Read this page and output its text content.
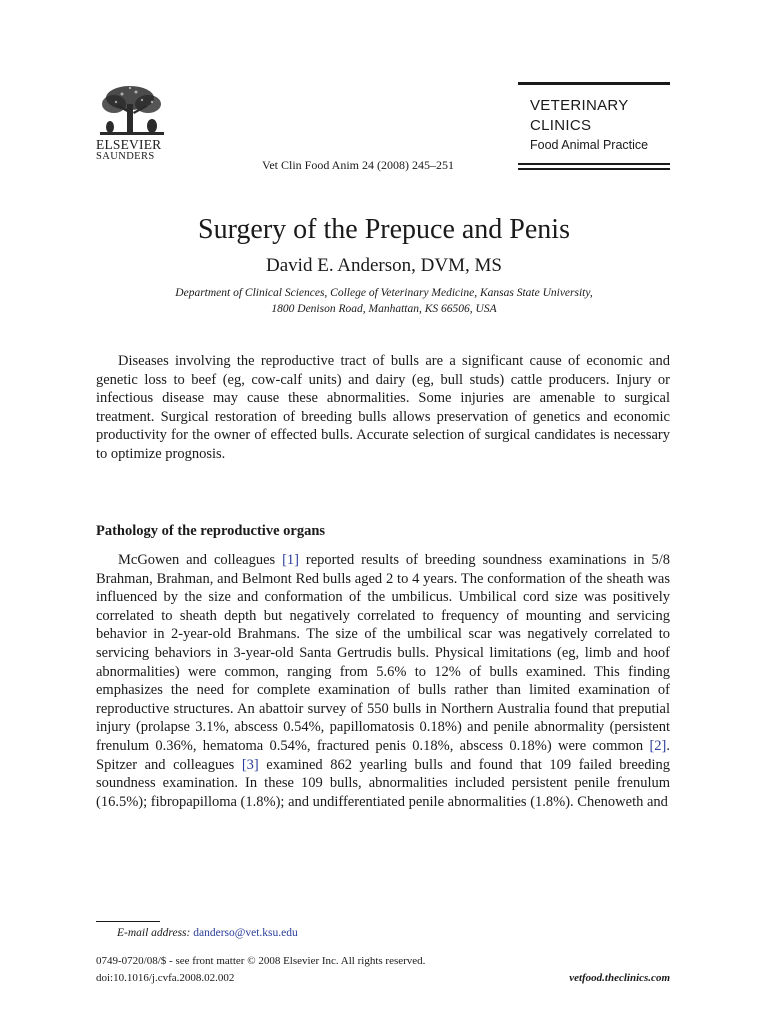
ELSEVIER
SAUNDERS
Vet Clin Food Anim 24 (2008) 245–251
VETERINARY
CLINICS
Food Animal Practice
Surgery of the Prepuce and Penis
David E. Anderson, DVM, MS
Department of Clinical Sciences, College of Veterinary Medicine, Kansas State University,
1800 Denison Road, Manhattan, KS 66506, USA
Diseases involving the reproductive tract of bulls are a significant cause of economic and genetic loss to beef (eg, cow-calf units) and dairy (eg, bull studs) cattle producers. Injury or infectious disease may cause these abnormalities. Some injuries are amenable to surgical treatment. Surgical restoration of breeding bulls allows preservation of genetics and economic productivity for the owner of effected bulls. Accurate selection of surgical candidates is necessary to optimize prognosis.
Pathology of the reproductive organs
McGowen and colleagues [1] reported results of breeding soundness examinations in 5/8 Brahman, Brahman, and Belmont Red bulls aged 2 to 4 years. The conformation of the sheath was influenced by the size and conformation of the umbilicus. Umbilical cord size was positively correlated to sheath depth but negatively correlated to frequency of mounting and servicing behavior in 2-year-old Brahmans. The size of the umbilical scar was negatively correlated to servicing behaviors in 3-year-old Santa Gertrudis bulls. Physical limitations (eg, limb and hoof abnormalities) were common, ranging from 5.6% to 12% of bulls examined. This finding emphasizes the need for complete examination of bulls rather than limited examination of reproductive structures. An abattoir survey of 550 bulls in Northern Australia found that preputial injury (prolapse 3.1%, abscess 0.54%, papillomatosis 0.18%) and penile abnormality (persistent frenulum 0.36%, hematoma 0.54%, fractured penis 0.18%, abscess 0.18%) were common [2]. Spitzer and colleagues [3] examined 862 yearling bulls and found that 109 failed breeding soundness examination. In these 109 bulls, abnormalities included persistent penile frenulum (16.5%); fibropapilloma (1.8%); and undifferentiated penile abnormalities (1.8%). Chenoweth and
E-mail address: danderso@vet.ksu.edu
0749-0720/08/$ - see front matter © 2008 Elsevier Inc. All rights reserved.
doi:10.1016/j.cvfa.2008.02.002	vetfood.theclinics.com
